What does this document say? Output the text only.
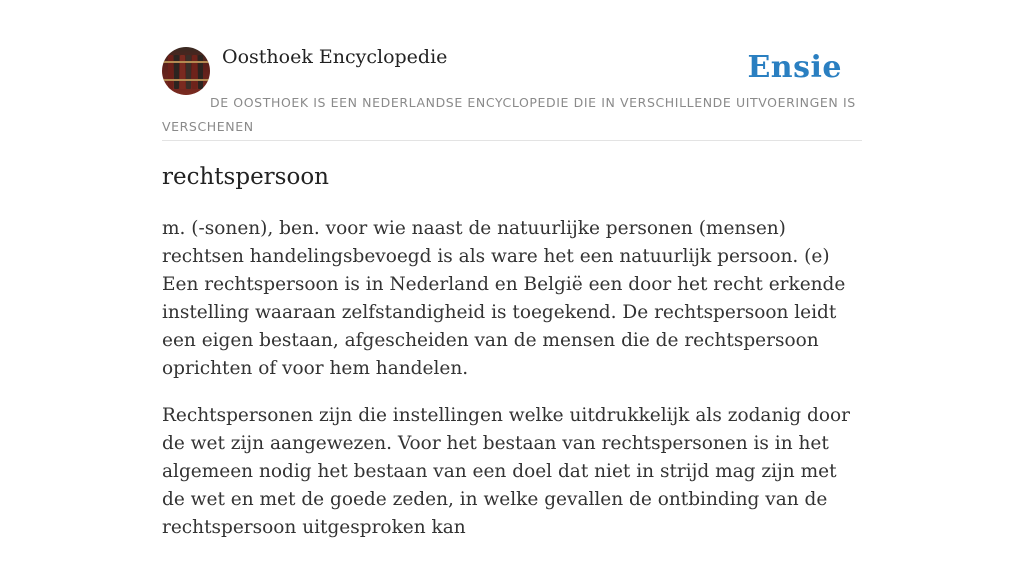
Oosthoek Encyclopedie	Ensie
DE OOSTHOEK IS EEN NEDERLANDSE ENCYCLOPEDIE DIE IN VERSCHILLENDE UITVOERINGEN IS VERSCHENEN
rechtspersoon

m. (-sonen), ben. voor wie naast de natuurlijke personen (mensen) rechtsen handelingsbevoegd is als ware het een natuurlijk persoon. (e) Een rechtspersoon is in Nederland en België een door het recht erkende instelling waaraan zelfstandigheid is toegekend. De rechtspersoon leidt een eigen bestaan, afgescheiden van de mensen die de rechtspersoon oprichten of voor hem handelen.

Rechtspersonen zijn die instellingen welke uitdrukkelijk als zodanig door de wet zijn aangewezen. Voor het bestaan van rechtspersonen is in het algemeen nodig het bestaan van een doel dat niet in strijd mag zijn met de wet en met de goede zeden, in welke gevallen de ontbinding van de rechtspersoon uitgesproken kan
